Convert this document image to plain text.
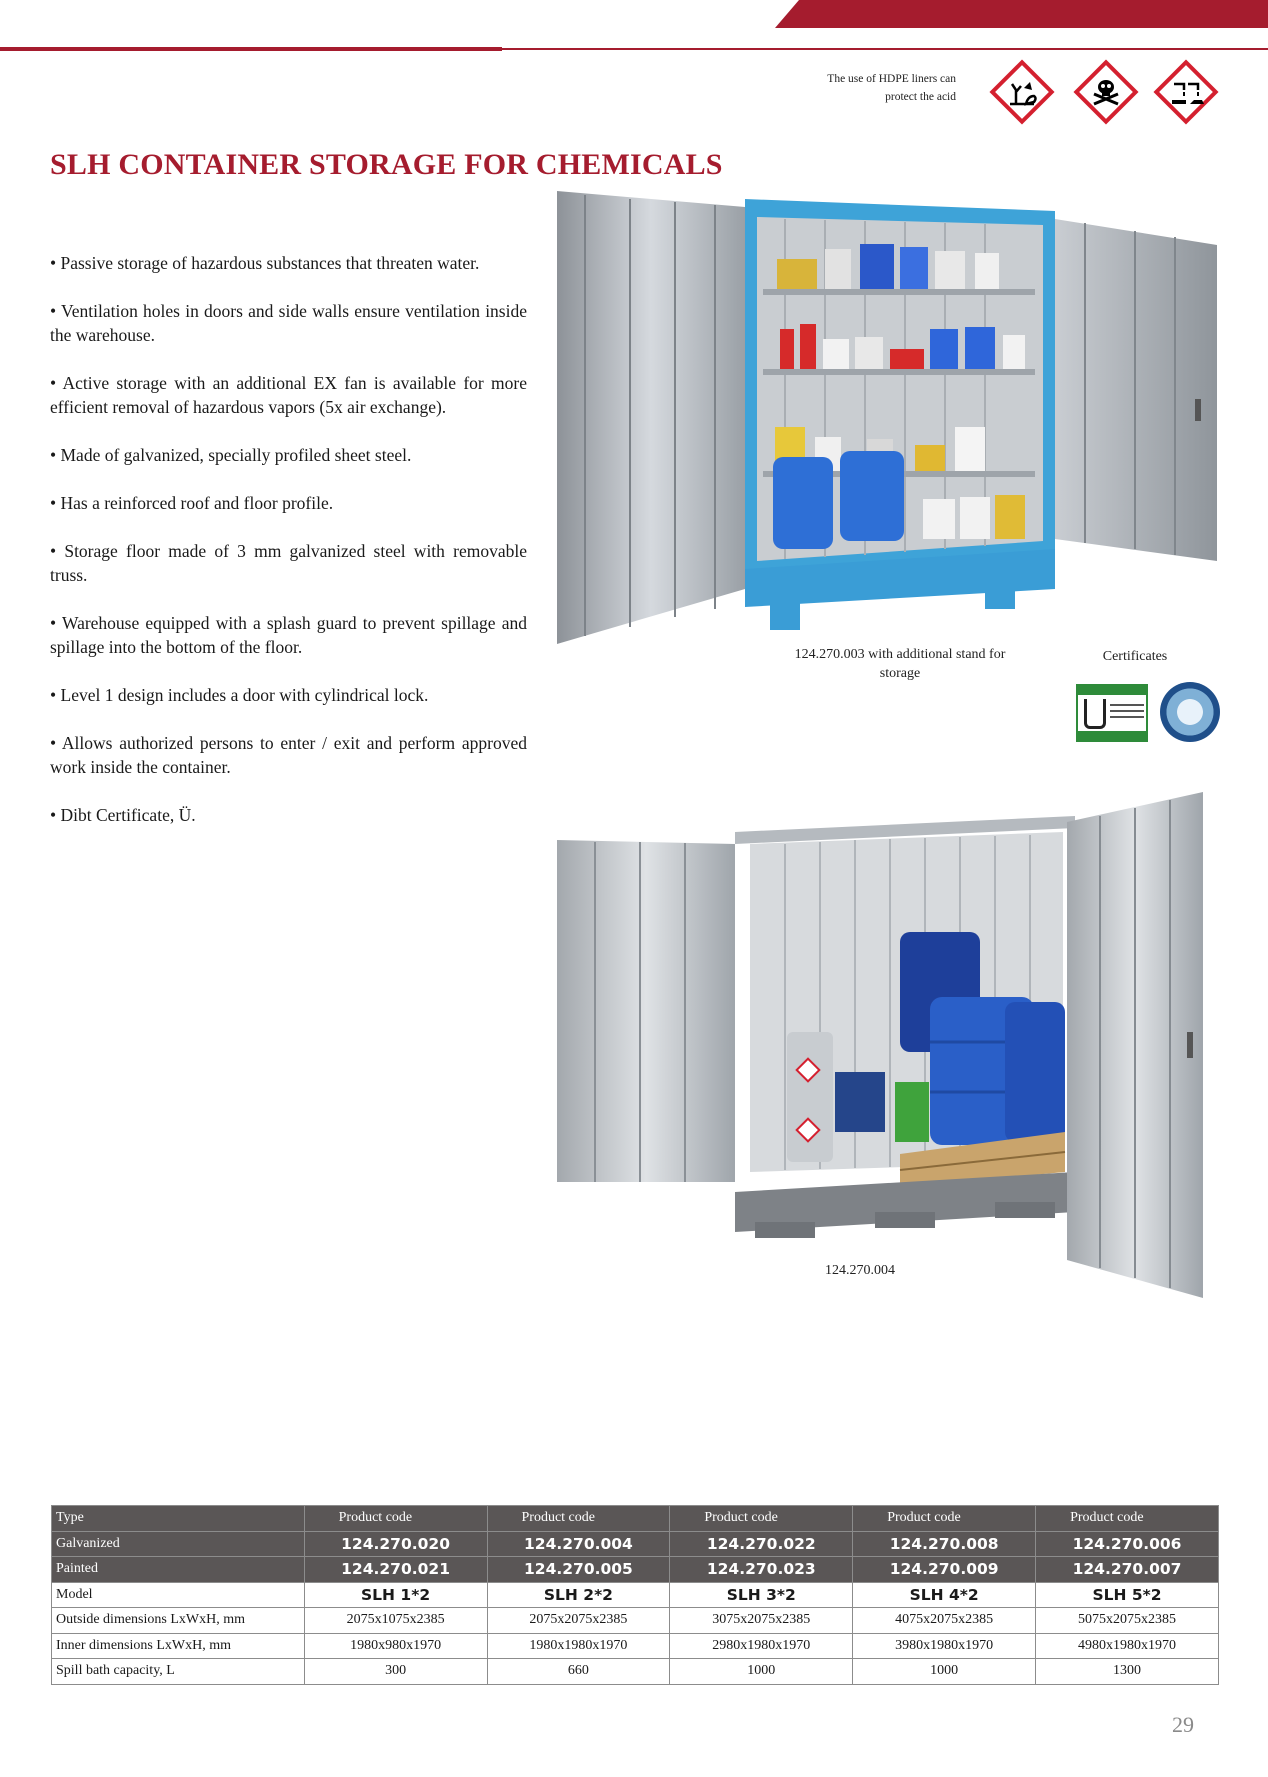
The use of HDPE liners can
protect the acid
SLH CONTAINER STORAGE FOR CHEMICALS
• Passive storage of hazardous substances that threaten water.
• Ventilation holes in doors and side walls ensure ventilation inside the warehouse.
• Active storage with an additional EX fan is available for more efficient removal of hazardous vapors (5x air exchange).
• Made of galvanized, specially profiled sheet steel.
• Has a reinforced roof and floor profile.
• Storage floor made of 3 mm galvanized steel with removable truss.
• Warehouse equipped with a splash guard to prevent spillage and spillage into the bottom of the floor.
• Level 1 design includes a door with cylindrical lock.
• Allows authorized persons to enter / exit and perform approved work inside the container.
• Dibt Certificate, Ü.
124.270.003 with additional stand for
storage
Certificates
124.270.004
Type	Product code	Product code	Product code	Product code	Product code
Galvanized	124.270.020	124.270.004	124.270.022	124.270.008	124.270.006
Painted	124.270.021	124.270.005	124.270.023	124.270.009	124.270.007
Model	SLH 1*2	SLH 2*2	SLH 3*2	SLH 4*2	SLH 5*2
Outside dimensions LxWxH, mm	2075x1075x2385	2075x2075x2385	3075x2075x2385	4075x2075x2385	5075x2075x2385
Inner dimensions LxWxH, mm	1980x980x1970	1980x1980x1970	2980x1980x1970	3980x1980x1970	4980x1980x1970
Spill bath capacity, L	300	660	1000	1000	1300
29
